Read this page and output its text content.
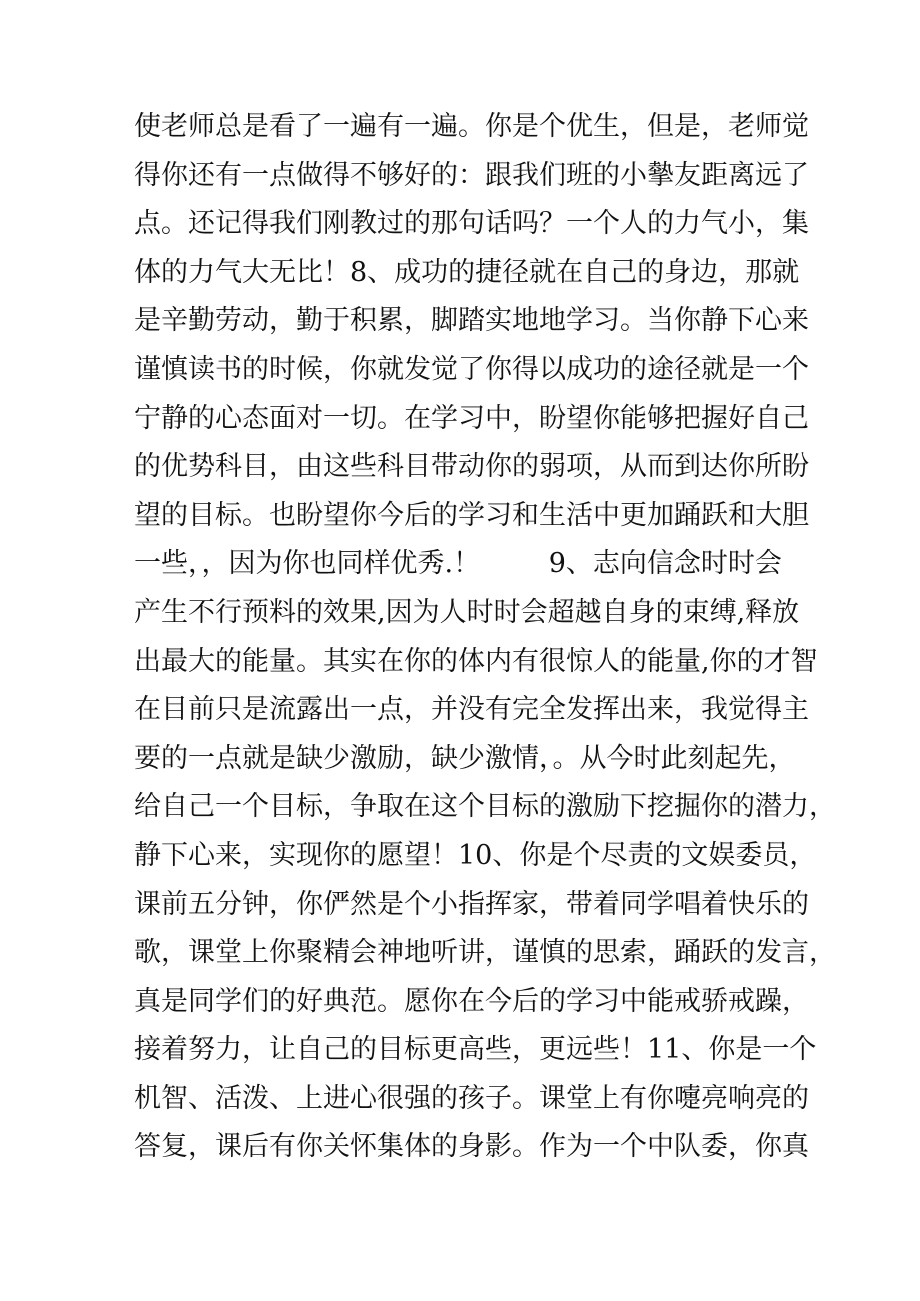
使老师总是看了一遍有一遍。你是个优生，但是，老师觉
得你还有一点做得不够好的：跟我们班的小摰友距离远了
点。还记得我们刚教过的那句话吗？一个人的力气小，集
体的力气大无比！8、成功的捷径就在自己的身边，那就
是辛勤劳动，勤于积累，脚踏实地地学习。当你静下心来
谨慎读书的时候，你就发觉了你得以成功的途径就是一个
宁静的心态面对一切。在学习中，盼望你能够把握好自己
的优势科目，由这些科目带动你的弱项，从而到达你所盼
望的目标。也盼望你今后的学习和生活中更加踊跃和大胆
一些，，因为你也同样优秀.！        9、志向信念时时会
产生不行预料的效果,因为人时时会超越自身的束缚,释放
出最大的能量。其实在你的体内有很惊人的能量,你的才智
在目前只是流露出一点，并没有完全发挥出来，我觉得主
要的一点就是缺少激励，缺少激情，。从今时此刻起先，
给自己一个目标，争取在这个目标的激励下挖掘你的潜力，
静下心来，实现你的愿望！10、你是个尽责的文娱委员，
课前五分钟，你俨然是个小指挥家，带着同学唱着快乐的
歌，课堂上你聚精会神地听讲，谨慎的思索，踊跃的发言，
真是同学们的好典范。愿你在今后的学习中能戒骄戒躁，
接着努力，让自己的目标更高些，更远些！11、你是一个
机智、活泼、上进心很强的孩子。课堂上有你嚏亮响亮的
答复，课后有你关怀集体的身影。作为一个中队委，你真
